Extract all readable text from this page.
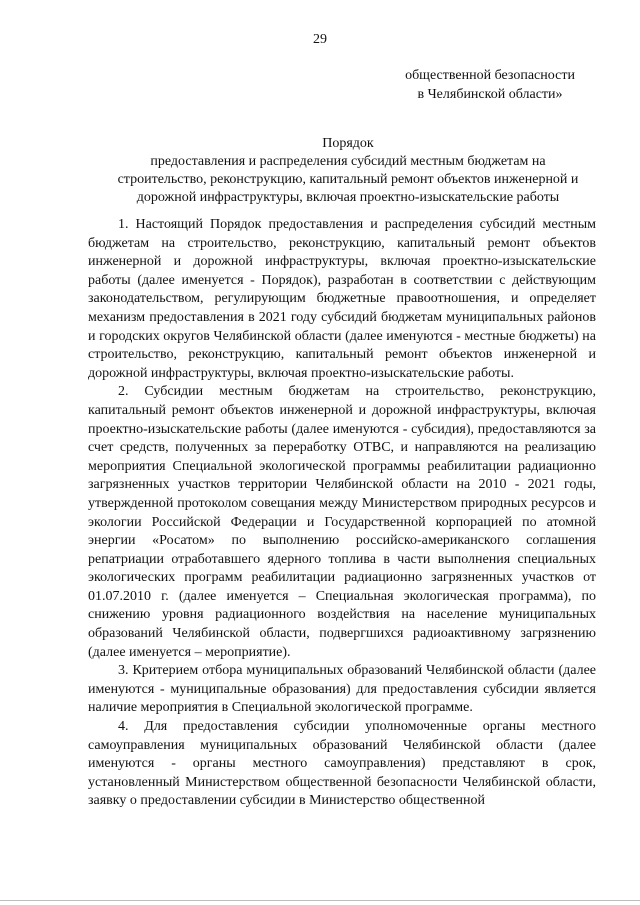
29
общественной безопасности
в Челябинской области»
Порядок
предоставления и распределения субсидий местным бюджетам на
строительство, реконструкцию, капитальный ремонт объектов инженерной и
дорожной инфраструктуры, включая проектно-изыскательские работы

1. Настоящий Порядок предоставления и распределения субсидий местным бюджетам на строительство, реконструкцию, капитальный ремонт объектов инженерной и дорожной инфраструктуры, включая проектно-изыскательские работы (далее именуется - Порядок), разработан в соответствии с действующим законодательством, регулирующим бюджетные правоотношения, и определяет механизм предоставления в 2021 году субсидий бюджетам муниципальных районов и городских округов Челябинской области (далее именуются - местные бюджеты) на строительство, реконструкцию, капитальный ремонт объектов инженерной и дорожной инфраструктуры, включая проектно-изыскательские работы.

2. Субсидии местным бюджетам на строительство, реконструкцию, капитальный ремонт объектов инженерной и дорожной инфраструктуры, включая проектно-изыскательские работы (далее именуются - субсидия), предоставляются за счет средств, полученных за переработку ОТВС, и направляются на реализацию мероприятия Специальной экологической программы реабилитации радиационно загрязненных участков территории Челябинской области на 2010 - 2021 годы, утвержденной протоколом совещания между Министерством природных ресурсов и экологии Российской Федерации и Государственной корпорацией по атомной энергии «Росатом» по выполнению российско-американского соглашения репатриации отработавшего ядерного топлива в части выполнения специальных экологических программ реабилитации радиационно загрязненных участков от 01.07.2010 г. (далее именуется – Специальная экологическая программа), по снижению уровня радиационного воздействия на население муниципальных образований Челябинской области, подвергшихся радиоактивному загрязнению (далее именуется – мероприятие).

3. Критерием отбора муниципальных образований Челябинской области (далее именуются - муниципальные образования) для предоставления субсидии является наличие мероприятия в Специальной экологической программе.

4. Для предоставления субсидии уполномоченные органы местного самоуправления муниципальных образований Челябинской области (далее именуются - органы местного самоуправления) представляют в срок, установленный Министерством общественной безопасности Челябинской области, заявку о предоставлении субсидии в Министерство общественной
